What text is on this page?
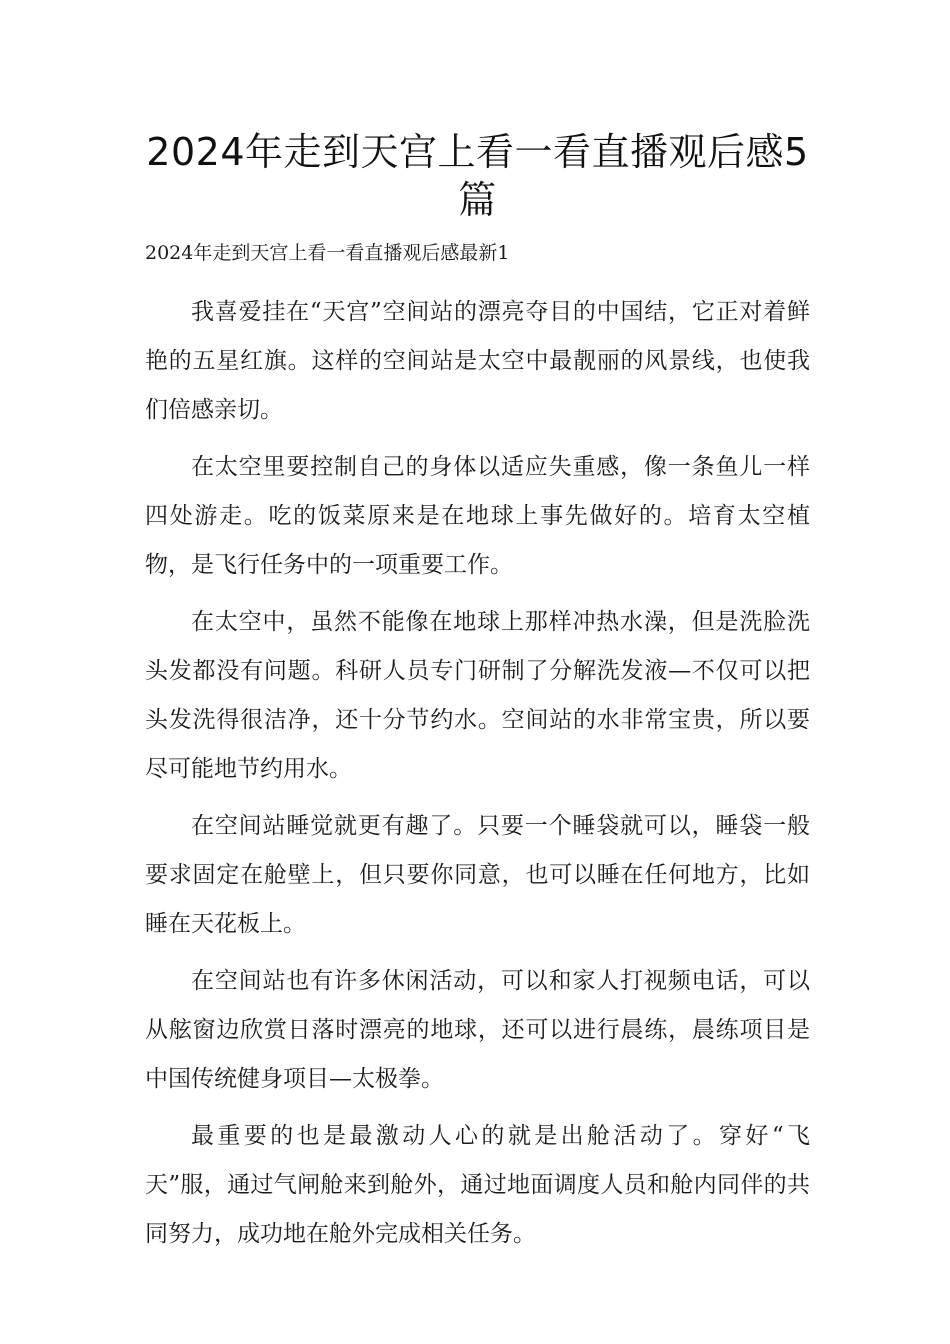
2024年走到天宫上看一看直播观后感5篇
2024年走到天宫上看一看直播观后感最新1

我喜爱挂在“天宫”空间站的漂亮夺目的中国结，它正对着鲜艳的五星红旗。这样的空间站是太空中最靓丽的风景线，也使我们倍感亲切。

在太空里要控制自己的身体以适应失重感，像一条鱼儿一样四处游走。吃的饭菜原来是在地球上事先做好的。培育太空植物，是飞行任务中的一项重要工作。

在太空中，虽然不能像在地球上那样冲热水澡，但是洗脸洗头发都没有问题。科研人员专门研制了分解洗发液—不仅可以把头发洗得很洁净，还十分节约水。空间站的水非常宝贵，所以要尽可能地节约用水。

在空间站睡觉就更有趣了。只要一个睡袋就可以，睡袋一般要求固定在舱壁上，但只要你同意，也可以睡在任何地方，比如睡在天花板上。

在空间站也有许多休闲活动，可以和家人打视频电话，可以从舷窗边欣赏日落时漂亮的地球，还可以进行晨练，晨练项目是中国传统健身项目—太极拳。

最重要的也是最激动人心的就是出舱活动了。穿好“飞天”服，通过气闸舱来到舱外，通过地面调度人员和舱内同伴的共同努力，成功地在舱外完成相关任务。
